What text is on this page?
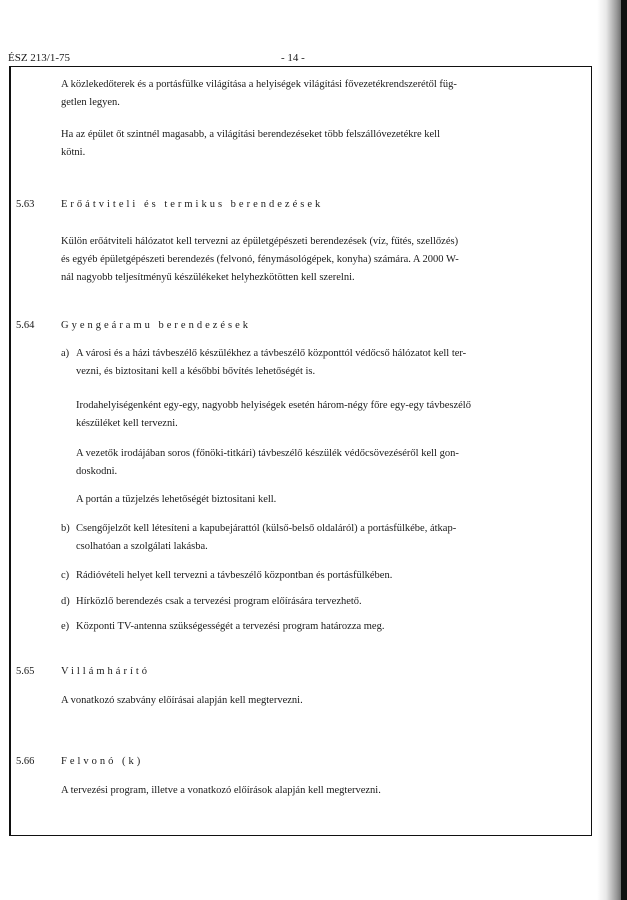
ÉSZ 213/1-75	- 14 -
A közlekedőterek és a portásfülke világítása a helyiségek világítási fővezetékrendszerétől füg-
getlen legyen.
Ha az épület őt szintnél magasabb, a világítási berendezéseket több felszállóvezetékre kell
kötni.
5.63	Erőátviteli és termikus berendezések
Külön erőátviteli hálózatot kell tervezni az épületgépészeti berendezések (víz, fűtés, szellőzés)
és egyéb épületgépészeti berendezés (felvonó, fénymásológépek, konyha) számára. A 2000 W-
nál nagyobb teljesítményű készülékeket helyhezkötötten kell szerelni.
5.64	Gyengeáramu berendezések
a) A városi és a házi távbeszélő készülékhez a távbeszélő központtól védőcső hálózatot kell ter-
vezni, és biztositani kell a későbbi bővítés lehetőségét is.
Irodahelyiségenként egy-egy, nagyobb helyiségek esetén három-négy főre egy-egy távbeszélő
készüléket kell tervezni.
A vezetők irodájában soros (főnöki-titkári) távbeszélő készülék védőcsövezéséről kell gon-
doskodni.
A portán a tüzjelzés lehetőségét biztositani kell.
b) Csengőjelzőt kell létesíteni a kapubejárattól (külső-belső oldaláról) a portásfülkébe, átkap-
csolhatóan a szolgálati lakásba.
c) Rádióvételi helyet kell tervezni a távbeszélő központban és portásfülkében.
d) Hírközlő berendezés csak a tervezési program előírására tervezhető.
e) Központi TV-antenna szükségességét a tervezési program határozza meg.
5.65	Villámhárító
A vonatkozó szabvány előírásai alapján kell megtervezni.
5.66	Felvonó (k)
A tervezési program, illetve a vonatkozó előírások alapján kell megtervezni.
